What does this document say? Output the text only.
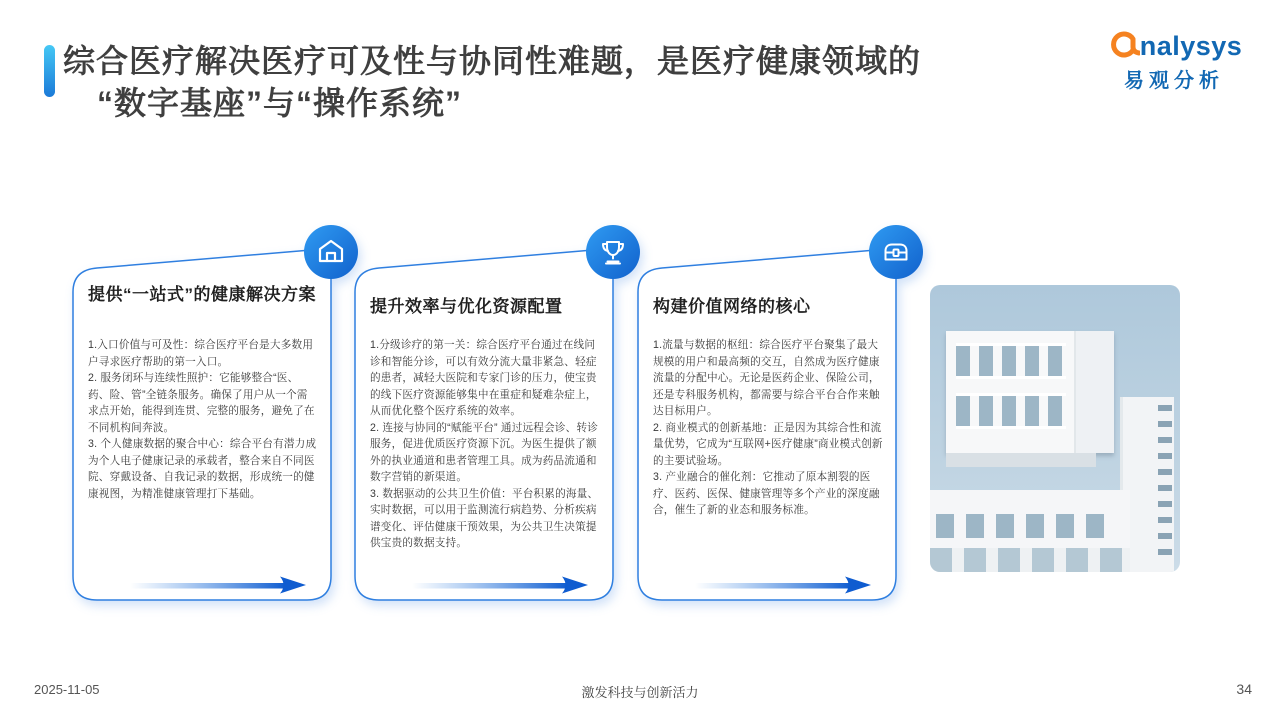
综合医疗解决医疗可及性与协同性难题，是医疗健康领域的
“数字基座”与“操作系统”
nalysys
易观分析
提供“一站式”的健康解决方案

1.入口价值与可及性：综合医疗平台是大多数用户寻求医疗帮助的第一入口。

2. 服务闭环与连续性照护：它能够整合“医、药、险、管”全链条服务。确保了用户从一个需求点开始，能得到连贯、完整的服务，避免了在不同机构间奔波。

3. 个人健康数据的聚合中心：综合平台有潜力成为个人电子健康记录的承载者，整合来自不同医院、穿戴设备、自我记录的数据，形成统一的健康视图，为精准健康管理打下基础。

提升效率与优化资源配置

1.分级诊疗的第一关：综合医疗平台通过在线问诊和智能分诊，可以有效分流大量非紧急、轻症的患者，减轻大医院和专家门诊的压力，使宝贵的线下医疗资源能够集中在重症和疑难杂症上，从而优化整个医疗系统的效率。

2. 连接与协同的“赋能平台” 通过远程会诊、转诊服务，促进优质医疗资源下沉。为医生提供了额外的执业通道和患者管理工具。成为药品流通和数字营销的新渠道。

3. 数据驱动的公共卫生价值：平台积累的海量、实时数据，可以用于监测流行病趋势、分析疾病谱变化、评估健康干预效果，为公共卫生决策提供宝贵的数据支持。

构建价值网络的核心

1.流量与数据的枢纽：综合医疗平台聚集了最大规模的用户和最高频的交互，自然成为医疗健康流量的分配中心。无论是医药企业、保险公司，还是专科服务机构，都需要与综合平台合作来触达目标用户。

2. 商业模式的创新基地：正是因为其综合性和流量优势，它成为“互联网+医疗健康”商业模式创新的主要试验场。

3. 产业融合的催化剂：它推动了原本割裂的医疗、医药、医保、健康管理等多个产业的深度融合，催生了新的业态和服务标准。

2025-11-05	激发科技与创新活力	34
